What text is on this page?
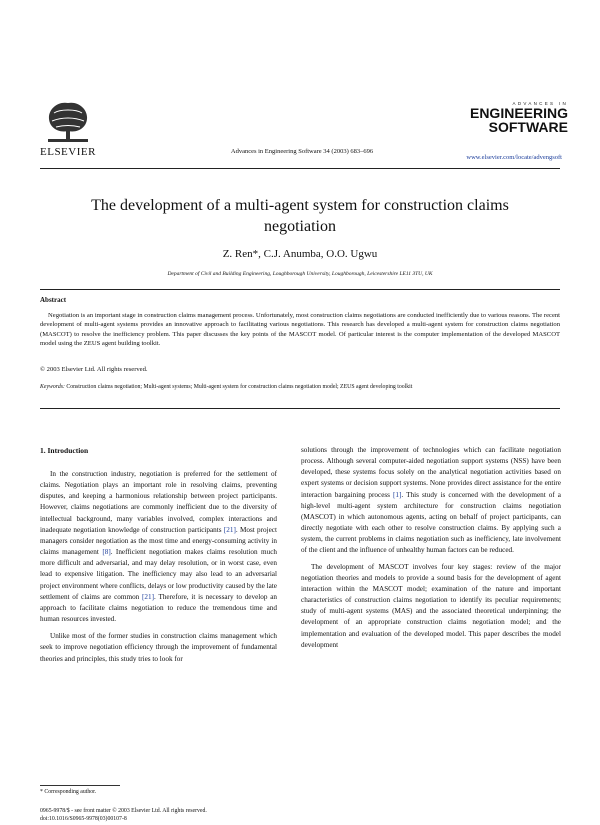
ELSEVIER	Advances in Engineering Software 34 (2003) 683–696
ADVANCES IN
ENGINEERING
SOFTWARE
www.elsevier.com/locate/advengsoft
The development of a multi-agent system for construction claims negotiation
Z. Ren*, C.J. Anumba, O.O. Ugwu
Department of Civil and Building Engineering, Loughborough University, Loughborough, Leicestershire LE11 3TU, UK
Abstract
Negotiation is an important stage in construction claims management process. Unfortunately, most construction claims negotiations are conducted inefficiently due to various reasons. The recent development of multi-agent systems provides an innovative approach to facilitating various negotiations. This research has developed a multi-agent system for construction claims negotiation (MASCOT) to resolve the inefficiency problem. This paper discusses the key points of the MASCOT model. Of particular interest is the computer implementation of the developed MASCOT model using the ZEUS agent building toolkit.
© 2003 Elsevier Ltd. All rights reserved.
Keywords: Construction claims negotiation; Multi-agent systems; Multi-agent system for construction claims negotiation model; ZEUS agent developing toolkit
1. Introduction

In the construction industry, negotiation is preferred for the settlement of claims. Negotiation plays an important role in resolving claims, preventing disputes, and keeping a harmonious relationship between project participants. However, claims negotiations are commonly inefficient due to the diversity of intellectual background, many variables involved, complex interactions and inadequate negotiation knowledge of construction participants [21]. Most project managers consider negotiation as the most time and energy-consuming activity in claims management [8]. Inefficient negotiation makes claims resolution much more difficult and adversarial, and may delay resolution, or in worst case, even lead to expensive litigation. The inefficiency may also lead to an adversarial project environment where conflicts, delays or low productivity caused by the late settlement of claims are common [21]. Therefore, it is necessary to develop an approach to facilitate claims negotiation to reduce the tremendous time and human resources invested.

Unlike most of the former studies in construction claims management which seek to improve negotiation efficiency through the improvement of fundamental theories and principles, this study tries to look for

solutions through the improvement of technologies which can facilitate negotiation process. Although several computer-aided negotiation support systems (NSS) have been developed, these systems focus solely on the analytical negotiation activities based on expert systems or decision support systems. None provides direct assistance for the entire interaction bargaining process [1]. This study is concerned with the development of a high-level multi-agent system architecture for construction claims negotiation (MASCOT) in which autonomous agents, acting on behalf of project participants, can directly negotiate with each other to resolve construction claims. By applying such a system, the current problems in claims negotiation such as inefficiency, late involvement of the client and the influence of unhealthy human factors can be reduced.

The development of MASCOT involves four key stages: review of the major negotiation theories and models to provide a sound basis for the development of agent interaction within the MASCOT model; examination of the nature and important characteristics of construction claims negotiation to identify its peculiar requirements; study of multi-agent systems (MAS) and the associated theoretical underpinning; the development of an appropriate construction claims negotiation model; and the implementation and evaluation of the developed model. This paper describes the model development

* Corresponding author.
0965-9978/$ - see front matter © 2003 Elsevier Ltd. All rights reserved.
doi:10.1016/S0965-9978(03)00107-8
